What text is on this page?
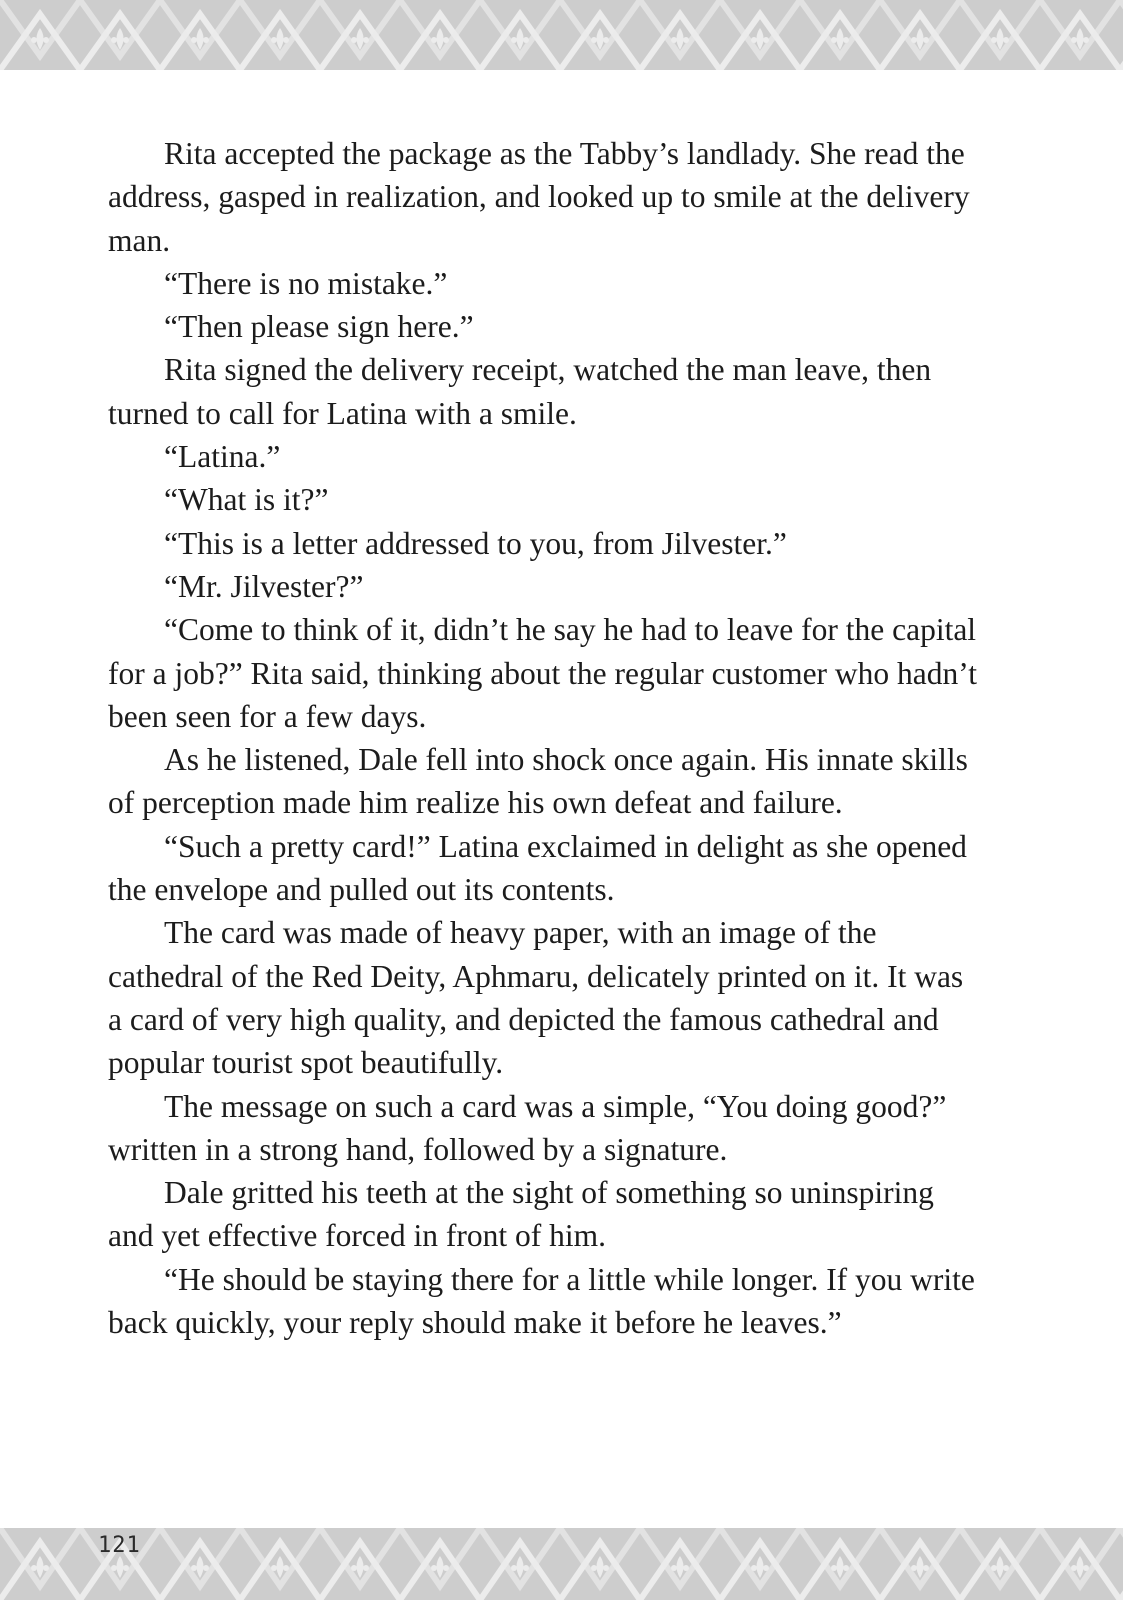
Rita accepted the package as the Tabby’s landlady. She read the address, gasped in realization, and looked up to smile at the delivery man.

“There is no mistake.”

“Then please sign here.”

Rita signed the delivery receipt, watched the man leave, then turned to call for Latina with a smile.

“Latina.”

“What is it?”

“This is a letter addressed to you, from Jilvester.”

“Mr. Jilvester?”

“Come to think of it, didn’t he say he had to leave for the capital for a job?” Rita said, thinking about the regular customer who hadn’t been seen for a few days.

As he listened, Dale fell into shock once again. His innate skills of perception made him realize his own defeat and failure.

“Such a pretty card!” Latina exclaimed in delight as she opened the envelope and pulled out its contents.

The card was made of heavy paper, with an image of the cathedral of the Red Deity, Aphmaru, delicately printed on it. It was a card of very high quality, and depicted the famous cathedral and popular tourist spot beautifully.

The message on such a card was a simple, “You doing good?” written in a strong hand, followed by a signature.

Dale gritted his teeth at the sight of something so uninspiring and yet effective forced in front of him.

“He should be staying there for a little while longer. If you write back quickly, your reply should make it before he leaves.”

121
